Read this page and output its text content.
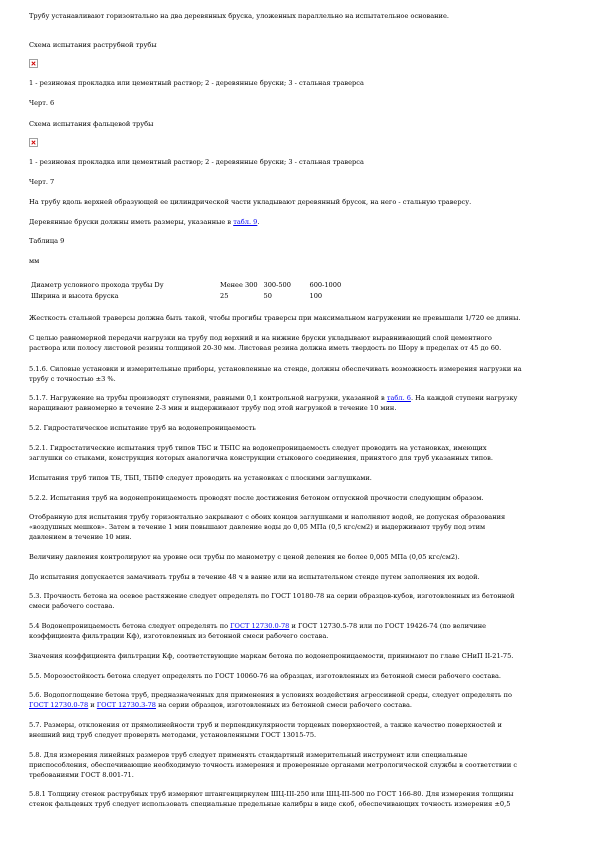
Трубу устанавливают горизонтально на два деревянных бруска, уложенных параллельно на испытательное основание.
Схема испытания раструбной трубы
1 - резиновая прокладка или цементный раствор; 2 - деревянные бруски; 3 - стальная траверса
Черт. 6
Схема испытания фальцевой трубы
1 - резиновая прокладка или цементный раствор; 2 - деревянные бруски; 3 - стальная траверса
Черт. 7
На трубу вдоль верхней образующей ее цилиндрической части укладывают деревянный брусок, на него - стальную траверсу.
Деревянные бруски должны иметь размеры, указанные в табл. 9.
Таблица 9
мм
Диаметр условного прохода трубы Dу	Менее 300	300-500	600-1000
Ширина и высота бруска	25	50	100
Жесткость стальной траверсы должна быть такой, чтобы прогибы траверсы при максимальном нагружении не превышали 1/720 ее длины.
С целью равномерной передачи нагрузки на трубу под верхний и на нижние бруски укладывают выравнивающий слой цементного
раствора или полосу листовой резины толщиной 20-30 мм. Листовая резина должна иметь твердость по Шору в пределах от 45 до 60.
5.1.6. Силовые установки и измерительные приборы, установленные на стенде, должны обеспечивать возможность измерения нагрузки на
трубу с точностью ±3 %.
5.1.7. Нагружение на трубы производят ступенями, равными 0,1 контрольной нагрузки, указанной в табл. 6. На каждой ступени нагрузку
наращивают равномерно в течение 2-3 мин и выдерживают трубу под этой нагрузкой в течение 10 мин.
5.2. Гидростатическое испытание труб на водонепроницаемость
5.2.1. Гидростатические испытания труб типов ТБС и ТБПС на водонепроницаемость следует проводить на установках, имеющих
заглушки со стыками, конструкция которых аналогична конструкции стыкового соединения, принятого для труб указанных типов.
Испытания труб типов ТБ, ТБП, ТБПФ следует проводить на установках с плоскими заглушками.
5.2.2. Испытания труб на водонепроницаемость проводят после достижения бетоном отпускной прочности следующим образом.
Отобранную для испытания трубу горизонтально закрывают с обоих концов заглушками и наполняют водой, не допуская образования
«воздушных мешков». Затем в течение 1 мин повышают давление воды до 0,05 МПа (0,5 кгс/см2) и выдерживают трубу под этим
давлением в течение 10 мин.
Величину давления контролируют на уровне оси трубы по манометру с ценой деления не более 0,005 МПа (0,05 кгс/см2).
До испытания допускается замачивать трубы в течение 48 ч в ванне или на испытательном стенде путем заполнения их водой.
5.3. Прочность бетона на осевое растяжение следует определять по ГОСТ 10180-78 на серии образцов-кубов, изготовленных из бетонной
смеси рабочего состава.
5.4 Водонепроницаемость бетона следует определять по ГОСТ 12730.0-78 и ГОСТ 12730.5-78 или по ГОСТ 19426-74 (по величине
коэффициента фильтрации Кф), изготовленных из бетонной смеси рабочего состава.
Значения коэффициента фильтрации Кф, соответствующие маркам бетона по водонепроницаемости, принимают по главе СНиП II-21-75.
5.5. Морозостойкость бетона следует определять по ГОСТ 10060-76 на образцах, изготовленных из бетонной смеси рабочего состава.
5.6. Водопоглощение бетона труб, предназначенных для применения в условиях воздействия агрессивной среды, следует определять по
ГОСТ 12730.0-78 и ГОСТ 12730.3-78 на серии образцов, изготовленных из бетонной смеси рабочего состава.
5.7. Размеры, отклонения от прямолинейности труб и перпендикулярности торцевых поверхностей, а также качество поверхностей и
внешний вид труб следует проверять методами, установленными ГОСТ 13015-75.
5.8. Для измерения линейных размеров труб следует применять стандартный измерительный инструмент или специальные
приспособления, обеспечивающие необходимую точность измерения и проверенные органами метрологической службы в соответствии с
требованиями ГОСТ 8.001-71.
5.8.1 Толщину стенок раструбных труб измеряют штангенциркулем ШЦ-III-250 или ШЦ-III-500 по ГОСТ 166-80. Для измерения толщины
стенок фальцевых труб следует использовать специальные предельные калибры в виде скоб, обеспечивающих точность измерения ±0,5
